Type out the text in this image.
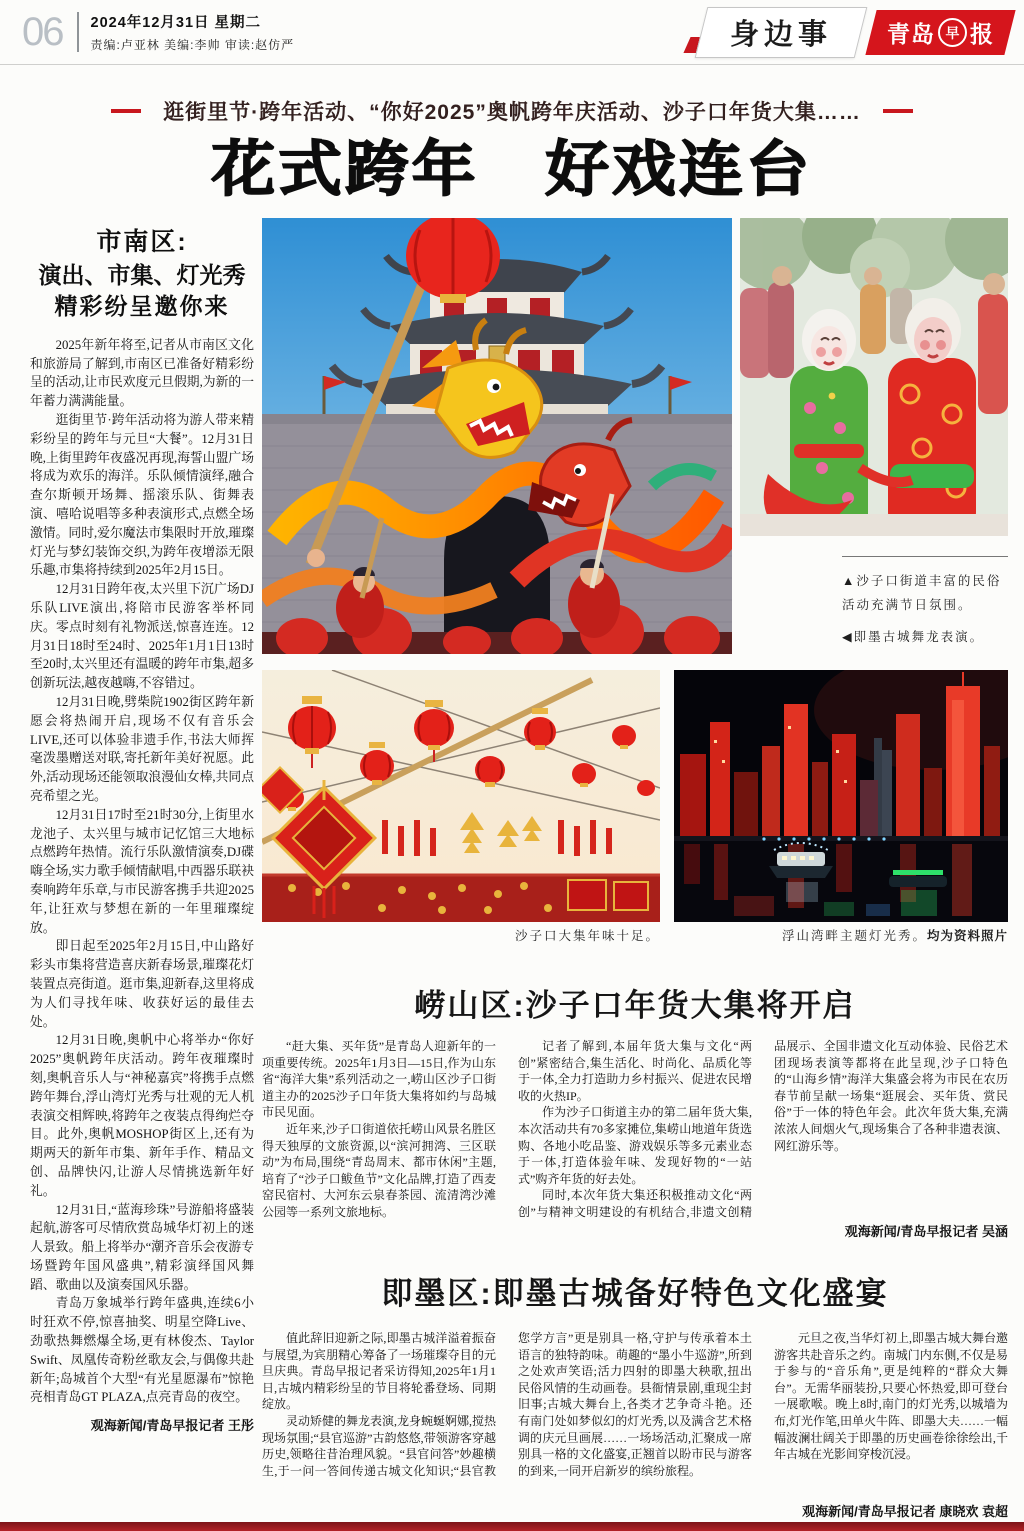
06 2024年12月31日 星期二
责编:卢亚林 美编:李帅 审读:赵仿严	身边事	青岛 早 报
逛街里节·跨年活动、“你好2025”奥帆跨年庆活动、沙子口年货大集……
花式跨年　好戏连台
市南区:
演出、市集、灯光秀
精彩纷呈邀你来

2025年新年将至,记者从市南区文化和旅游局了解到,市南区已准备好精彩纷呈的活动,让市民欢度元旦假期,为新的一年蓄力满满能量。

逛街里节·跨年活动将为游人带来精彩纷呈的跨年与元旦“大餐”。12月31日晚,上街里跨年夜盛况再现,海誓山盟广场将成为欢乐的海洋。乐队倾情演绎,融合查尔斯顿开场舞、摇滚乐队、街舞表演、嘻哈说唱等多种表演形式,点燃全场激情。同时,爱尔魔法市集限时开放,璀璨灯光与梦幻装饰交织,为跨年夜增添无限乐趣,市集将持续到2025年2月15日。

12月31日跨年夜,太兴里下沉广场DJ乐队LIVE演出,将陪市民游客举杯同庆。零点时刻有礼物派送,惊喜连连。12月31日18时至24时、2025年1月1日13时至20时,太兴里还有温暖的跨年市集,超多创新玩法,越夜越嗨,不容错过。

12月31日晚,劈柴院1902街区跨年新愿会将热闹开启,现场不仅有音乐会LIVE,还可以体验非遗手作,书法大师挥毫泼墨赠送对联,寄托新年美好祝愿。此外,活动现场还能领取浪漫仙女棒,共同点亮希望之光。

12月31日17时至21时30分,上街里水龙池子、太兴里与城市记忆馆三大地标点燃跨年热情。流行乐队激情演奏,DJ碟嗨全场,实力歌手倾情献唱,中西器乐联袂奏响跨年乐章,与市民游客携手共迎2025年,让狂欢与梦想在新的一年里璀璨绽放。

即日起至2025年2月15日,中山路好彩头市集将营造喜庆新春场景,璀璨花灯装置点亮街道。逛市集,迎新春,这里将成为人们寻找年味、收获好运的最佳去处。

12月31日晚,奥帆中心将举办“你好2025”奥帆跨年庆活动。跨年夜璀璨时刻,奥帆音乐人与“神秘嘉宾”将携手点燃跨年舞台,浮山湾灯光秀与壮观的无人机表演交相辉映,将跨年之夜装点得绚烂夺目。此外,奥帆MOSHOP街区上,还有为期两天的新年市集、新年手作、精品文创、品牌快闪,让游人尽情挑选新年好礼。

12月31日,“蓝海珍珠”号游船将盛装起航,游客可尽情欣赏岛城华灯初上的迷人景致。船上将举办“潮齐音乐会夜游专场暨跨年国风盛典”,精彩演绎国风舞蹈、歌曲以及演奏国风乐器。

青岛万象城举行跨年盛典,连续6小时狂欢不停,惊喜抽奖、明星空降Live、劲歌热舞燃爆全场,更有林俊杰、Taylor Swift、凤凰传奇粉丝歌友会,与偶像共赴新年;岛城首个大型“有光星愿瀑布”惊艳亮相青岛GT PLAZA,点亮青岛的夜空。

观海新闻/青岛早报记者 王彤

▲沙子口街道丰富的民俗活动充满节日氛围。

◀即墨古城舞龙表演。

沙子口大集年味十足。	浮山湾畔主题灯光秀。均为资料照片
崂山区:沙子口年货大集将开启

“赶大集、买年货”是青岛人迎新年的一项重要传统。2025年1月3日—15日,作为山东省“海洋大集”系列活动之一,崂山区沙子口街道主办的2025沙子口年货大集将如约与岛城市民见面。

近年来,沙子口街道依托崂山风景名胜区得天独厚的文旅资源,以“滨河拥湾、三区联动”为布局,围绕“青岛周末、都市休闲”主题,培育了“沙子口鲅鱼节”文化品牌,打造了西麦窑民宿村、大河东云泉春茶园、流清湾沙滩公园等一系列文旅地标。

记者了解到,本届年货大集与文化“两创”紧密结合,集生活化、时尚化、品质化等于一体,全力打造助力乡村振兴、促进农民增收的火热IP。

作为沙子口街道主办的第二届年货大集,本次活动共有70多家摊位,集崂山地道年货选购、各地小吃品鉴、游戏娱乐等多元素业态于一体,打造体验年味、发现好物的“一站式”购齐年货的好去处。

同时,本次年货大集还积极推动文化“两创”与精神文明建设的有机结合,非遗文创精品展示、全国非遗文化互动体验、民俗艺术团现场表演等都将在此呈现,沙子口特色的“山海乡情”海洋大集盛会将为市民在农历春节前呈献一场集“逛展会、买年货、赏民俗”于一体的特色年会。此次年货大集,充满浓浓人间烟火气,现场集合了各种非遗表演、网红游乐等。

观海新闻/青岛早报记者 吴涵
即墨区:即墨古城备好特色文化盛宴

值此辞旧迎新之际,即墨古城洋溢着振奋与展望,为宾朋精心筹备了一场璀璨夺目的元旦庆典。青岛早报记者采访得知,2025年1月1日,古城内精彩纷呈的节目将轮番登场、同期绽放。

灵动矫健的舞龙表演,龙身蜿蜒婀娜,搅热现场氛围;“县官巡游”古韵悠悠,带领游客穿越历史,领略往昔治理风貌。“县官问答”妙趣横生,于一问一答间传递古城文化知识;“县官教您学方言”更是别具一格,守护与传承着本土语言的独特韵味。萌趣的“墨小牛巡游”,所到之处欢声笑语;活力四射的即墨大秧歌,扭出民俗风情的生动画卷。县衙情景剧,重现尘封旧事;古城大舞台上,各类才艺争奇斗艳。还有南门处如梦似幻的灯光秀,以及满含艺术格调的庆元旦画展……一场场活动,汇聚成一席别具一格的文化盛宴,正翘首以盼市民与游客的到来,一同开启新岁的缤纷旅程。

元旦之夜,当华灯初上,即墨古城大舞台邀游客共赴音乐之约。南城门内东侧,不仅是易于参与的“音乐角”,更是纯粹的“群众大舞台”。无需华丽装扮,只要心怀热爱,即可登台一展歌喉。晚上8时,南门的灯光秀,以城墙为布,灯光作笔,田单火牛阵、即墨大夫……一幅幅波澜壮阔关于即墨的历史画卷徐徐绘出,千年古城在光影间穿梭沉浸。

观海新闻/青岛早报记者 康晓欢 袁超
